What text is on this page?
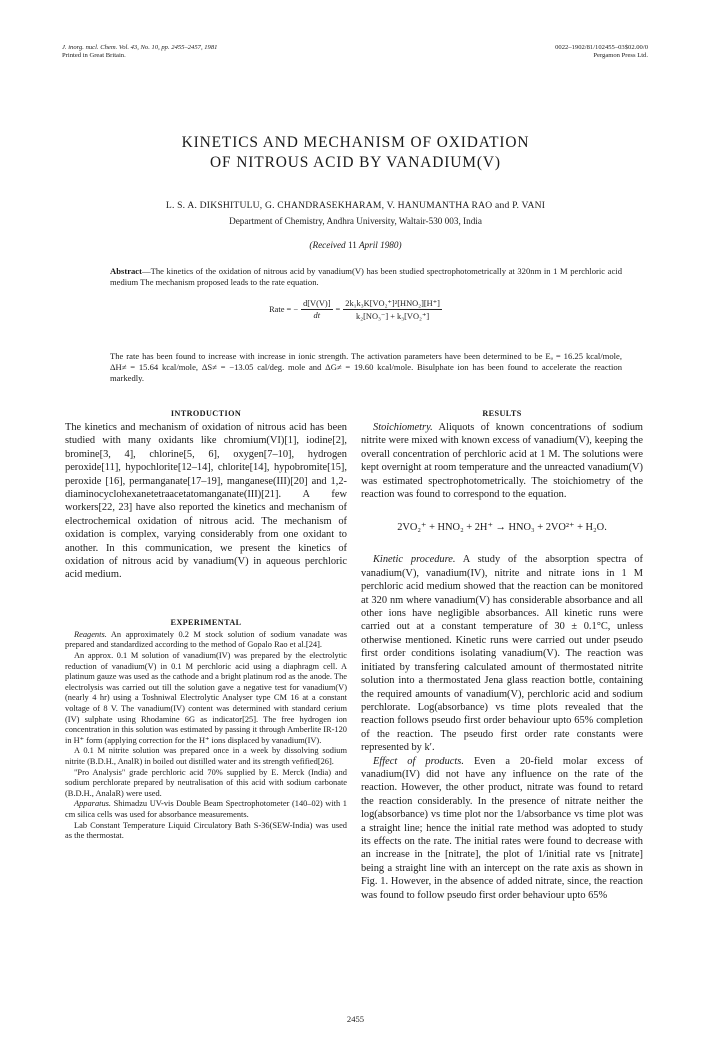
J. inorg. nucl. Chem. Vol. 43, No. 10, pp. 2455–2457, 1981
Printed in Great Britain.
0022–1902/81/102455–03$02.00/0
Pergamon Press Ltd.
KINETICS AND MECHANISM OF OXIDATION
OF NITROUS ACID BY VANADIUM(V)
L. S. A. DIKSHITULU, G. CHANDRASEKHARAM, V. HANUMANTHA RAO and P. VANI
Department of Chemistry, Andhra University, Waltair-530 003, India
(Received 11 April 1980)
Abstract—The kinetics of the oxidation of nitrous acid by vanadium(V) has been studied spectrophotometrically at 320nm in 1 M perchloric acid medium The mechanism proposed leads to the rate equation.
Rate = − $\frac{d[V(V)]}{dt} = \frac{\text{2k₁k₃K[VO₂⁺]²[HNO₂][H⁺]}}{\text{k₂[NO₃⁻] + k₃[VO₂⁺]}}$
The rate has been found to increase with increase in ionic strength. The activation parameters have been determined to be Eₐ = 16.25 kcal/mole, ΔH≠ = 15.64 kcal/mole, ΔS≠ = −13.05 cal/deg. mole and ΔG≠ = 19.60 kcal/mole. Bisulphate ion has been found to accelerate the reaction markedly.
INTRODUCTION

The kinetics and mechanism of oxidation of nitrous acid has been studied with many oxidants like chromium(VI)[1], iodine[2], bromine[3, 4], chlorine[5, 6], oxygen[7–10], hydrogen peroxide[11], hypochlorite[12–14], chlorite[14], hypobromite[15], peroxide [16], permanganate[17–19], manganese(III)[20] and 1,2-diaminocyclohexanetetraacetatomanganate(III)[21]. A few workers[22, 23] have also reported the kinetics and mechanism of electrochemical oxidation of nitrous acid. The mechanism of oxidation is complex, varying considerably from one oxidant to another. In this communication, we present the kinetics of oxidation of nitrous acid by vanadium(V) in aqueous perchloric acid medium.

EXPERIMENTAL

Reagents. An approximately 0.2 M stock solution of sodium vanadate was prepared and standardized according to the method of Gopalo Rao et al.[24].

An approx. 0.1 M solution of vanadium(IV) was prepared by the electrolytic reduction of vanadium(V) in 0.1 M perchloric acid using a diaphragm cell. A platinum gauze was used as the cathode and a bright platinum rod as the anode. The electrolysis was carried out till the solution gave a negative test for vanadium(V) (nearly 4 hr) using a Toshniwal Electrolytic Analyser type CM 16 at a constant voltage of 8 V. The vanadium(IV) content was determined with standard cerium (IV) sulphate using Rhodamine 6G as indicator[25]. The free hydrogen ion concentration in this solution was estimated by passing it through Amberlite IR-120 in H⁺ form (applying correction for the H⁺ ions displaced by vanadium(IV).

A 0.1 M nitrite solution was prepared once in a week by dissolving sodium nitrite (B.D.H., AnalR) in boiled out distilled water and its strength vefified[26].

"Pro Analysis" grade perchloric acid 70% supplied by E. Merck (India) and sodium perchlorate prepared by neutralisation of this acid with sodium carbonate (B.D.H., AnalaR) were used.

Apparatus. Shimadzu UV-vis Double Beam Spectrophotometer (140–02) with 1 cm silica cells was used for absorbance measurements.

Lab Constant Temperature Liquid Circulatory Bath S-36(SEW-India) was used as the thermostat.

RESULTS

Stoichiometry. Aliquots of known concentrations of sodium nitrite were mixed with known excess of vanadium(V), keeping the overall concentration of perchloric acid at 1 M. The solutions were kept overnight at room temperature and the unreacted vanadium(V) was estimated spectrophotometrically. The stoichiometry of the reaction was found to correspond to the equation.

2VO₂⁺ + HNO₂ + 2H⁺ → HNO₃ + 2VO²⁺ + H₂O.

Kinetic procedure. A study of the absorption spectra of vanadium(V), vanadium(IV), nitrite and nitrate ions in 1 M perchloric acid medium showed that the reaction can be monitored at 320 nm where vanadium(V) has considerable absorbance and all other ions have negligible absorbances. All kinetic runs were carried out at a constant temperature of 30 ± 0.1°C, unless otherwise mentioned. Kinetic runs were carried out under pseudo first order conditions isolating vanadium(V). The reaction was initiated by transfering calculated amount of thermostated nitrite solution into a thermostated Jena glass reaction bottle, containing the required amounts of vanadium(V), perchloric acid and sodium perchlorate. Log(absorbance) vs time plots revealed that the reaction follows pseudo first order behaviour upto 65% completion of the reaction. The pseudo first order rate constants were represented by k′.

Effect of products. Even a 20-field molar excess of vanadium(IV) did not have any influence on the rate of the reaction. However, the other product, nitrate was found to retard the reaction considerably. In the presence of nitrate neither the log(absorbance) vs time plot nor the 1/absorbance vs time plot was a straight line; hence the initial rate method was adopted to study its effects on the rate. The initial rates were found to decrease with an increase in the [nitrate], the plot of 1/initial rate vs [nitrate] being a straight line with an intercept on the rate axis as shown in Fig. 1. However, in the absence of added nitrate, since, the reaction was found to follow pseudo first order behaviour upto 65%

2455
